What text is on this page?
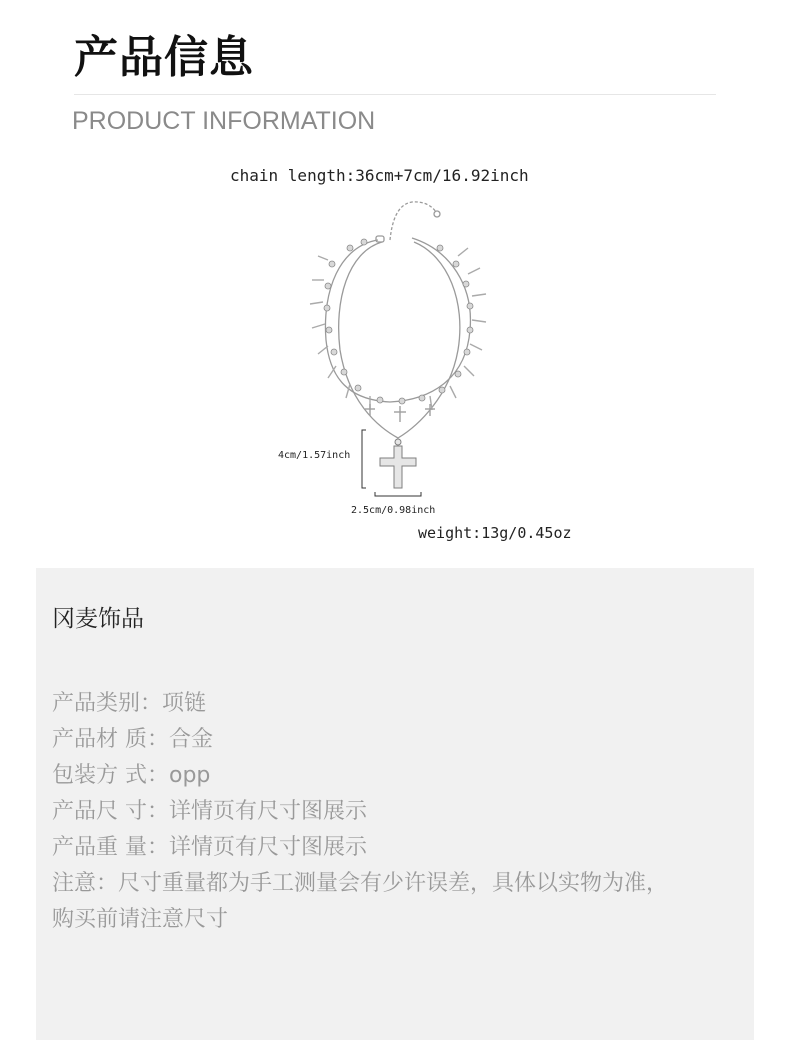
产品信息
PRODUCT INFORMATION
chain length:36cm+7cm/16.92inch
4cm/1.57inch
2.5cm/0.98inch
weight:13g/0.45oz
冈麦饰品
产品类别：项链
产品材 质：合金
包装方 式：opp
产品尺 寸：详情页有尺寸图展示
产品重 量：详情页有尺寸图展示
注意：尺寸重量都为手工测量会有少许误差，具体以实物为准，
购买前请注意尺寸
